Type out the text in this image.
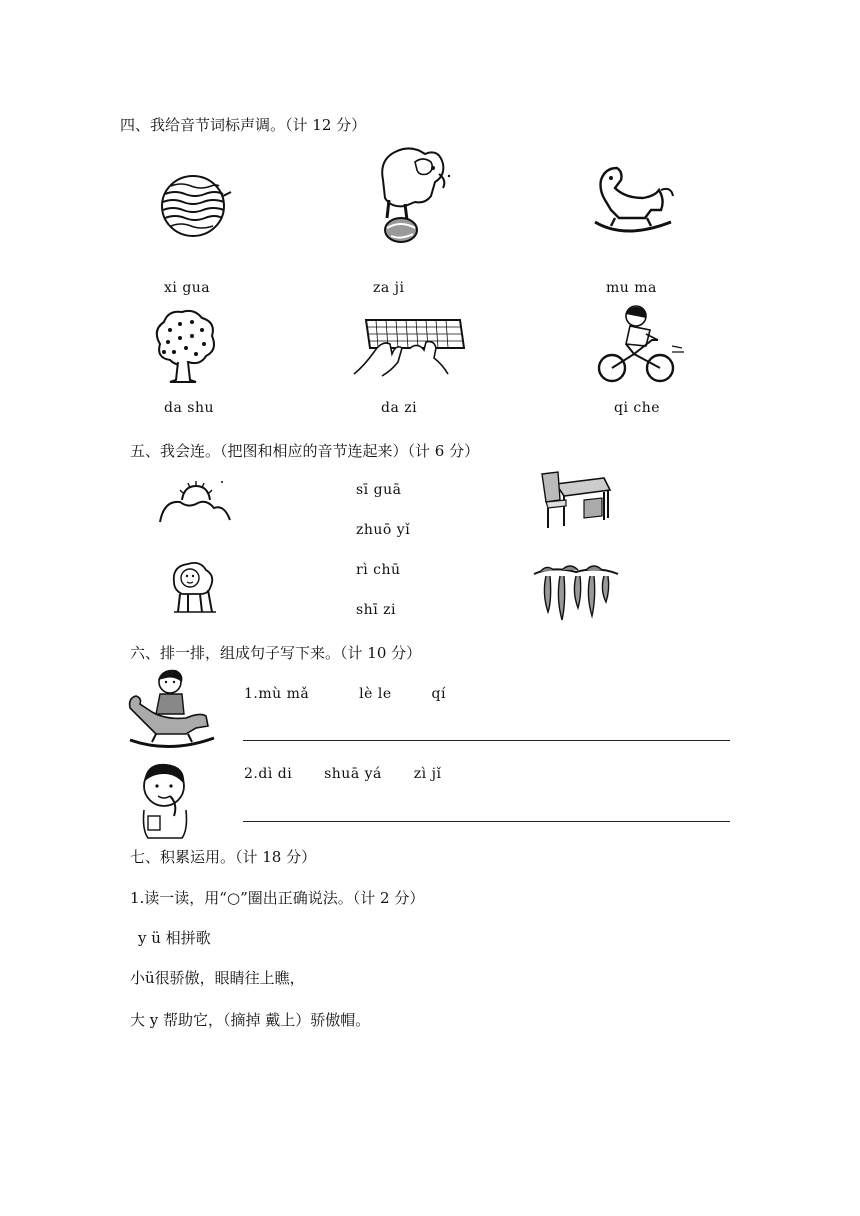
四、我给音节词标声调。（计 12 分）
xi gua	za ji	mu ma
da shu	da zi	qi che
五、我会连。（把图和相应的音节连起来）（计 6 分）
sī guā
zhuō yǐ
rì chū
shī zi
六、排一排，组成句子写下来。（计 10 分）
1.mù mǎ	lè le	qí
2.dì di shuā yá zì jǐ
七、积累运用。（计 18 分）
1.读一读，用“○”圈出正确说法。（计 2 分）
y ü 相拼歌
小ü很骄傲，眼睛往上瞧，
大 y 帮助它，（摘掉 戴上）骄傲帽。
